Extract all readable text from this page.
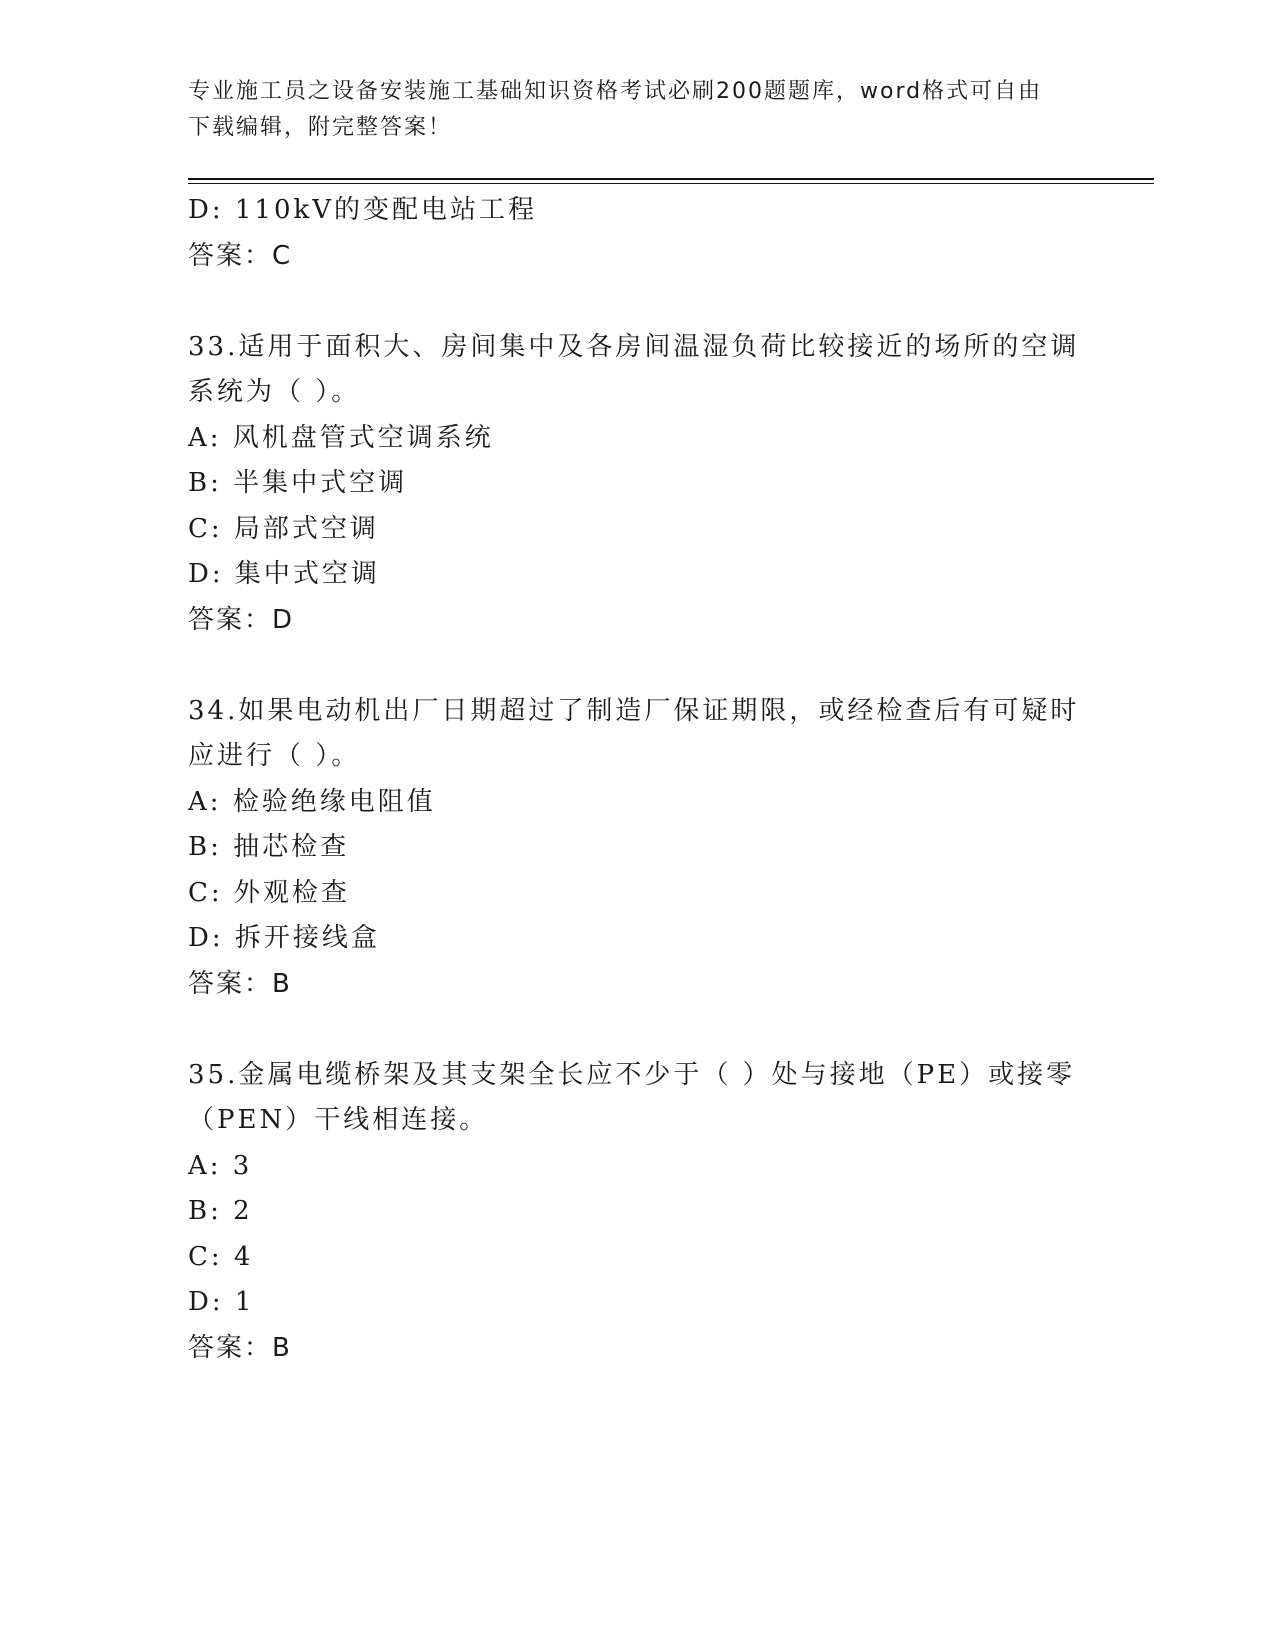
专业施工员之设备安装施工基础知识资格考试必刷200题题库，word格式可自由
下载编辑，附完整答案！
D: 110kV的变配电站工程
答案：C
33.适用于面积大、房间集中及各房间温湿负荷比较接近的场所的空调
系统为（ ）。
A: 风机盘管式空调系统
B: 半集中式空调
C: 局部式空调
D: 集中式空调
答案：D
34.如果电动机出厂日期超过了制造厂保证期限，或经检查后有可疑时
应进行（ ）。
A: 检验绝缘电阻值
B: 抽芯检查
C: 外观检查
D: 拆开接线盒
答案：B
35.金属电缆桥架及其支架全长应不少于（ ）处与接地（PE）或接零
（PEN）干线相连接。
A: 3
B: 2
C: 4
D: 1
答案：B
